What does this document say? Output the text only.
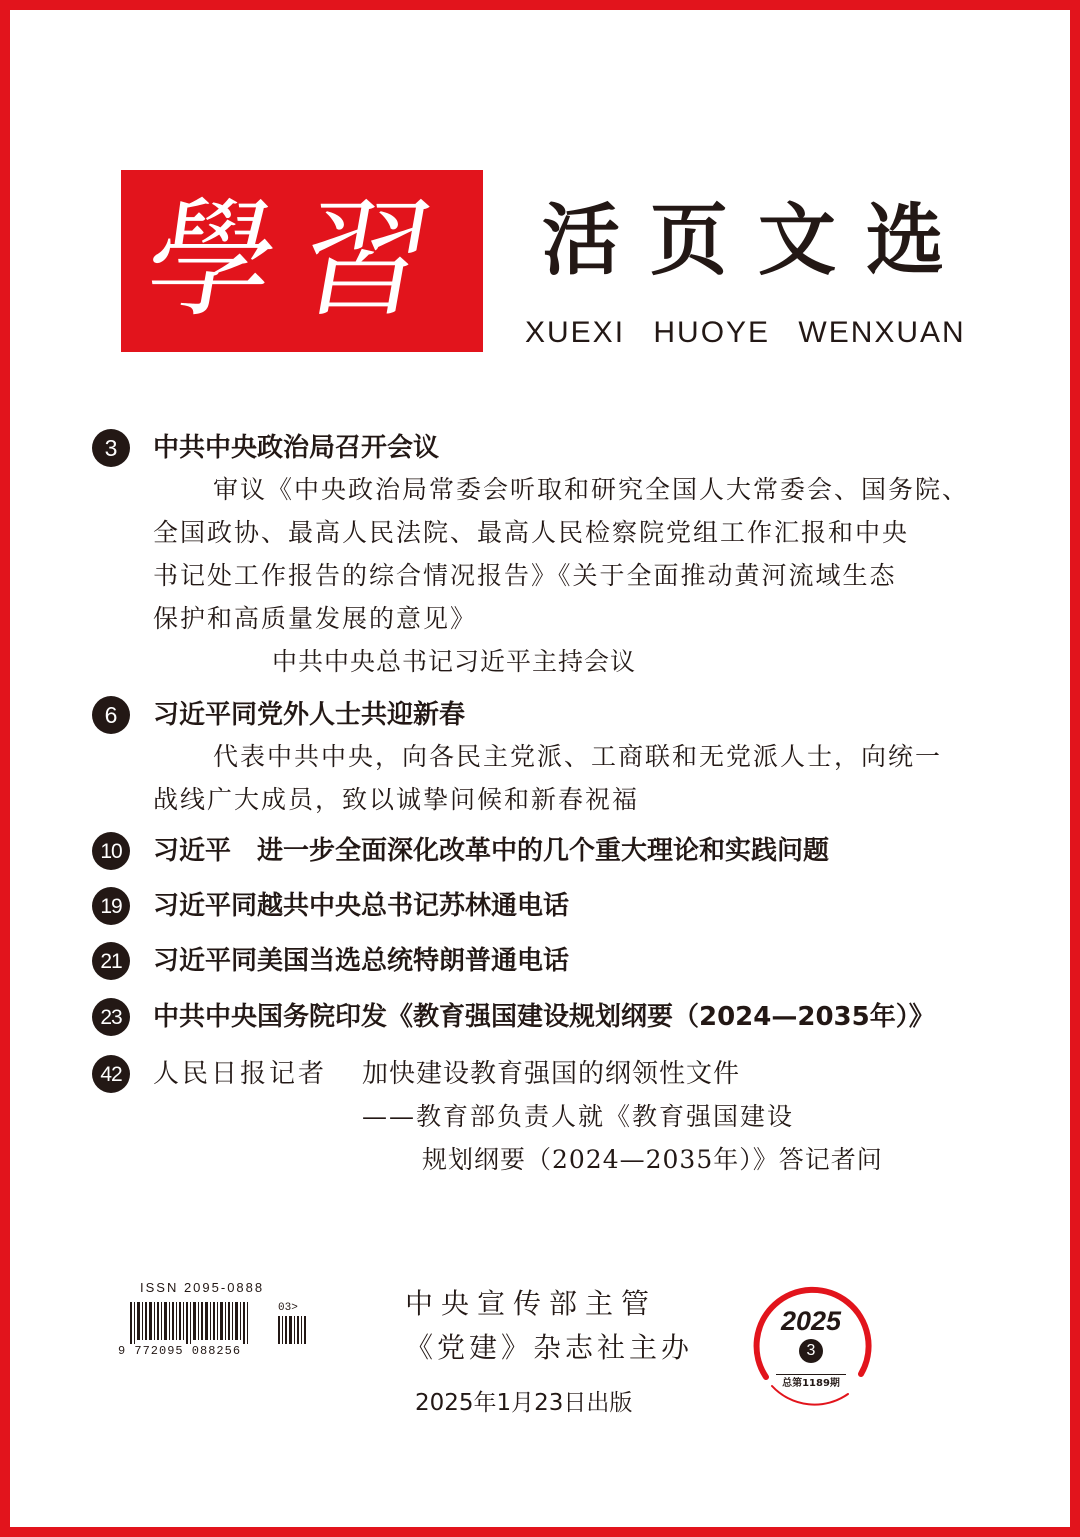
學習 活页文选
XUEXI HUOYE WENXUAN
3	中共中央政治局召开会议
审议《中央政治局常委会听取和研究全国人大常委会、国务院、
全国政协、最高人民法院、最高人民检察院党组工作汇报和中央
书记处工作报告的综合情况报告》《关于全面推动黄河流域生态
保护和高质量发展的意见》
中共中央总书记习近平主持会议
6	习近平同党外人士共迎新春
代表中共中央，向各民主党派、工商联和无党派人士，向统一
战线广大成员，致以诚挚问候和新春祝福
10	习近平　进一步全面深化改革中的几个重大理论和实践问题
19	习近平同越共中央总书记苏林通电话
21	习近平同美国当选总统特朗普通电话
23	中共中央国务院印发《教育强国建设规划纲要（2024—2035年）》
42	人民日报记者 加快建设教育强国的纲领性文件
——教育部负责人就《教育强国建设
规划纲要（2024—2035年）》答记者问
ISSN 2095-0888
03>
9 772095 088256
中央宣传部主管
《党建》杂志社主办
2025年1月23日出版
2025
3
总第1189期
